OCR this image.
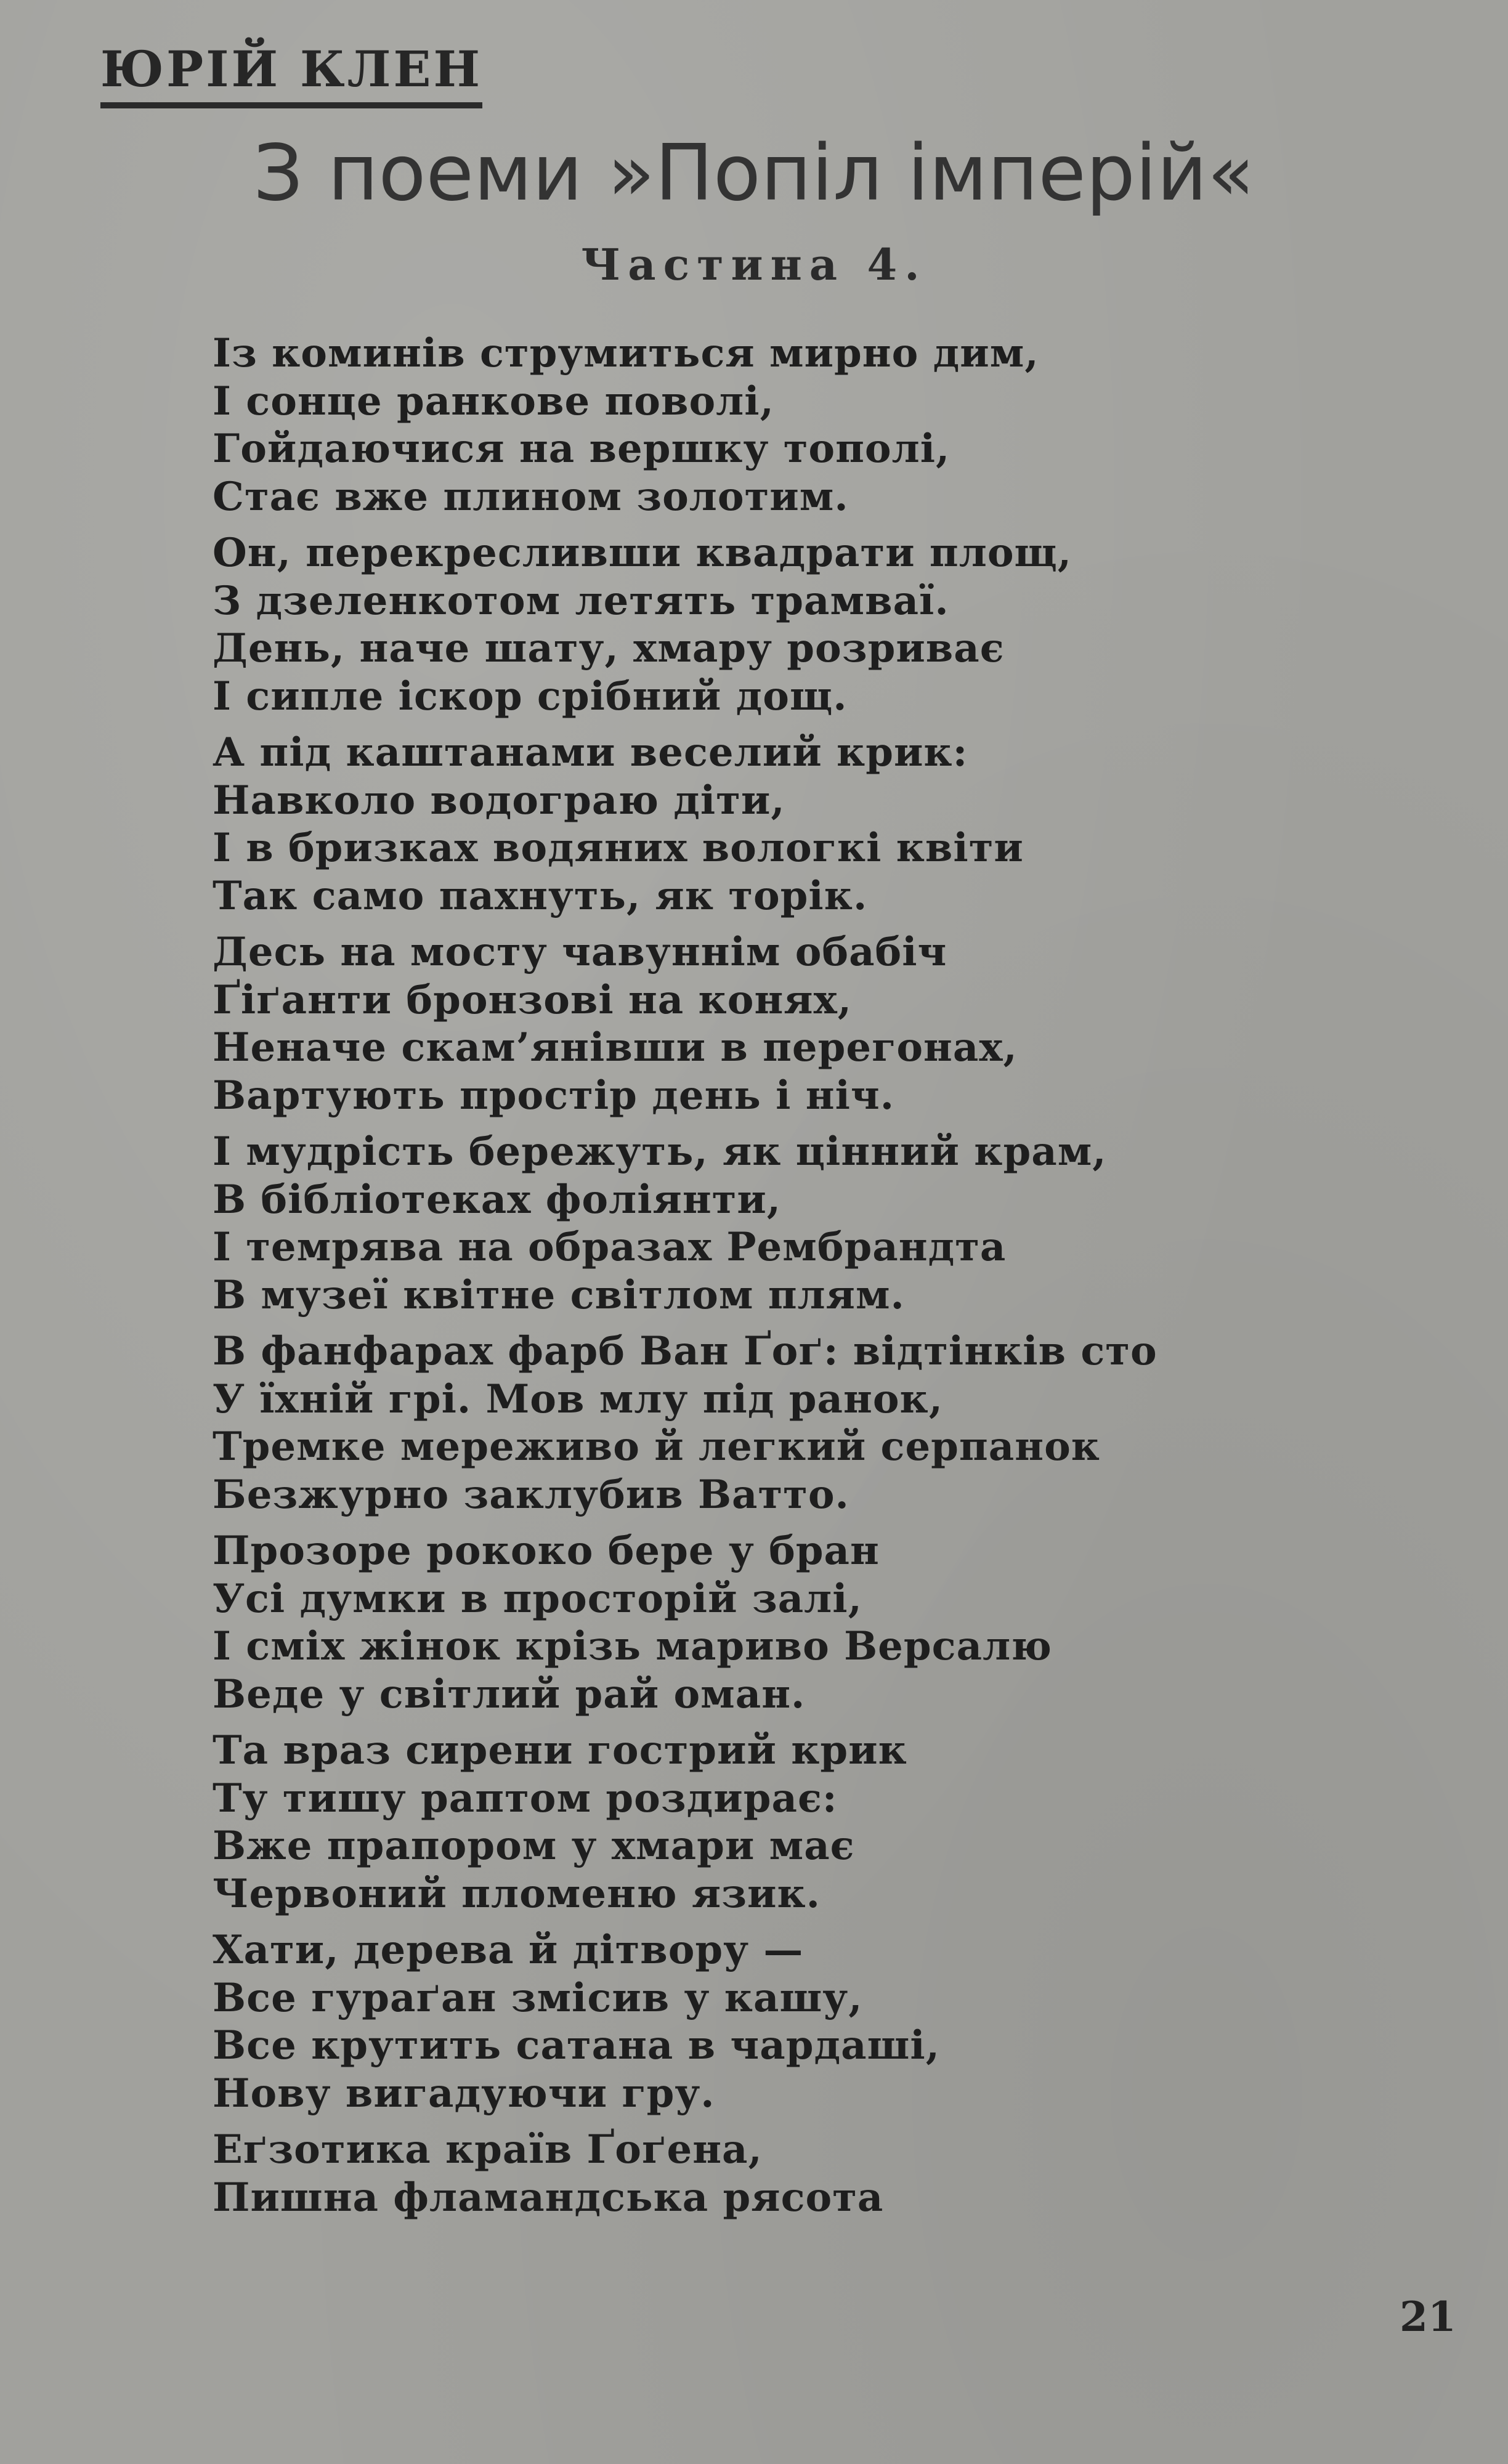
ЮРІЙ КЛЕН
З поеми »Попіл імперій«
Частина 4.
Із коминів струмиться мирно дим,
І сонце ранкове поволі,
Гойдаючися на вершку тополі,
Стає вже плином золотим.
Он, перекресливши квадрати площ,
З дзеленкотом летять трамваї.
День, наче шату, хмару розриває
І сипле іскор срібний дощ.
А під каштанами веселий крик:
Навколо водограю діти,
І в бризках водяних вологкі квіти
Так само пахнуть, як торік.
Десь на мосту чавуннім обабіч
Ґіґанти бронзові на конях,
Неначе скам’янівши в перегонах,
Вартують простір день і ніч.
І мудрість бережуть, як цінний крам,
В бібліотеках фоліянти,
І темрява на образах Рембрандта
В музеї квітне світлом плям.
В фанфарах фарб Ван Ґоґ: відтінків сто
У їхній грі. Мов млу під ранок,
Тремке мереживо й легкий серпанок
Безжурно заклубив Ватто.
Прозоре рококо бере у бран
Усі думки в просторій залі,
І сміх жінок крізь мариво Версалю
Веде у світлий рай оман.
Та враз сирени гострий крик
Ту тишу раптом роздирає:
Вже прапором у хмари має
Червоний пломеню язик.
Хати, дерева й дітвору —
Все гураґан змісив у кашу,
Все крутить сатана в чардаші,
Нову вигадуючи гру.
Еґзотика країв Ґоґена,
Пишна фламандська рясота
21
